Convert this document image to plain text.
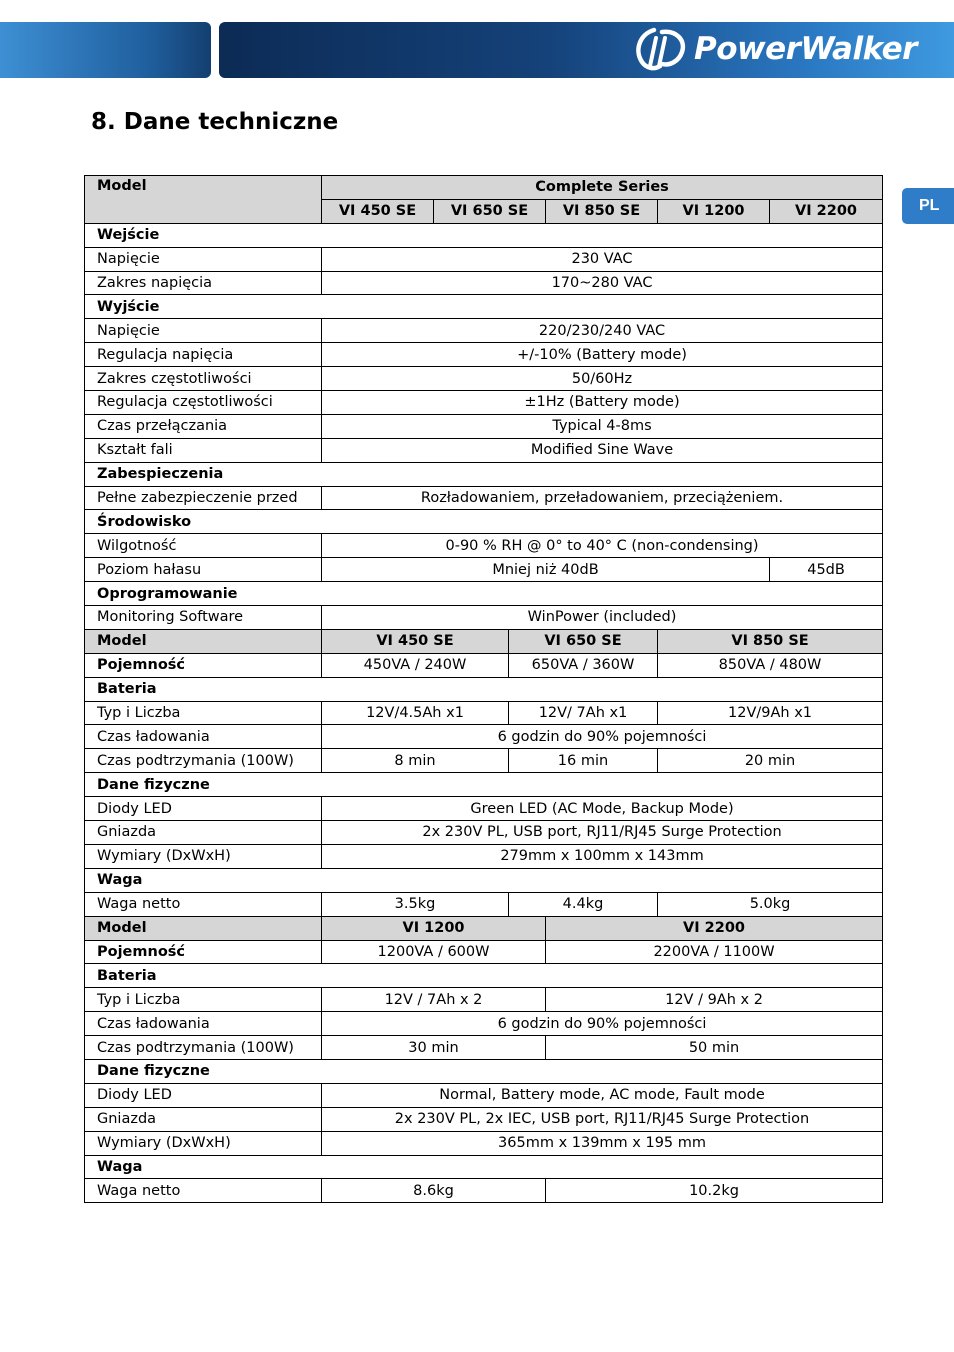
PowerWalker
8. Dane techniczne
PL
Model	Complete Series					
	VI 450 SE	VI 650 SE		VI 850 SE	VI 1200	VI 2200
Wejście						
Napięcie	230 VAC					
Zakres napięcia	170~280 VAC					
Wyjście						
Napięcie	220/230/240 VAC					
Regulacja napięcia	+/-10% (Battery mode)					
Zakres częstotliwości	50/60Hz					
Regulacja częstotliwości	±1Hz (Battery mode)					
Czas przełączania	Typical 4-8ms					
Kształt fali	Modified Sine Wave					
Zabespieczenia						
Pełne zabezpieczenie przed	Rozładowaniem, przeładowaniem, przeciążeniem.					
Środowisko						
Wilgotność	0-90 % RH @ 0° to 40° C (non-condensing)					
Poziom hałasu	Mniej niż 40dB					45dB
Oprogramowanie						
Monitoring Software	WinPower (included)					
Model	VI 450 SE		VI 650 SE		VI 850 SE	
Pojemność	450VA / 240W		650VA / 360W		850VA / 480W	
Bateria						
Typ i Liczba	12V/4.5Ah x1		12V/ 7Ah x1		12V/9Ah x1	
Czas ładowania	6 godzin do 90% pojemności					
Czas podtrzymania (100W)	8 min		16 min		20 min	
Dane fizyczne						
Diody LED	Green LED (AC Mode, Backup Mode)					
Gniazda	2x 230V PL, USB port, RJ11/RJ45 Surge Protection					
Wymiary (DxWxH)	279mm x 100mm x 143mm					
Waga						
Waga netto	3.5kg		4.4kg		5.0kg	
Model	VI 1200			VI 2200		
Pojemność	1200VA / 600W			2200VA / 1100W		
Bateria						
Typ i Liczba	12V / 7Ah x 2			12V / 9Ah x 2		
Czas ładowania	6 godzin do 90% pojemności					
Czas podtrzymania (100W)	30 min			50 min		
Dane fizyczne						
Diody LED	Normal, Battery mode, AC mode, Fault mode					
Gniazda	2x 230V PL, 2x IEC, USB port, RJ11/RJ45 Surge Protection					
Wymiary (DxWxH)	365mm x 139mm x 195 mm					
Waga						
Waga netto	8.6kg			10.2kg		
